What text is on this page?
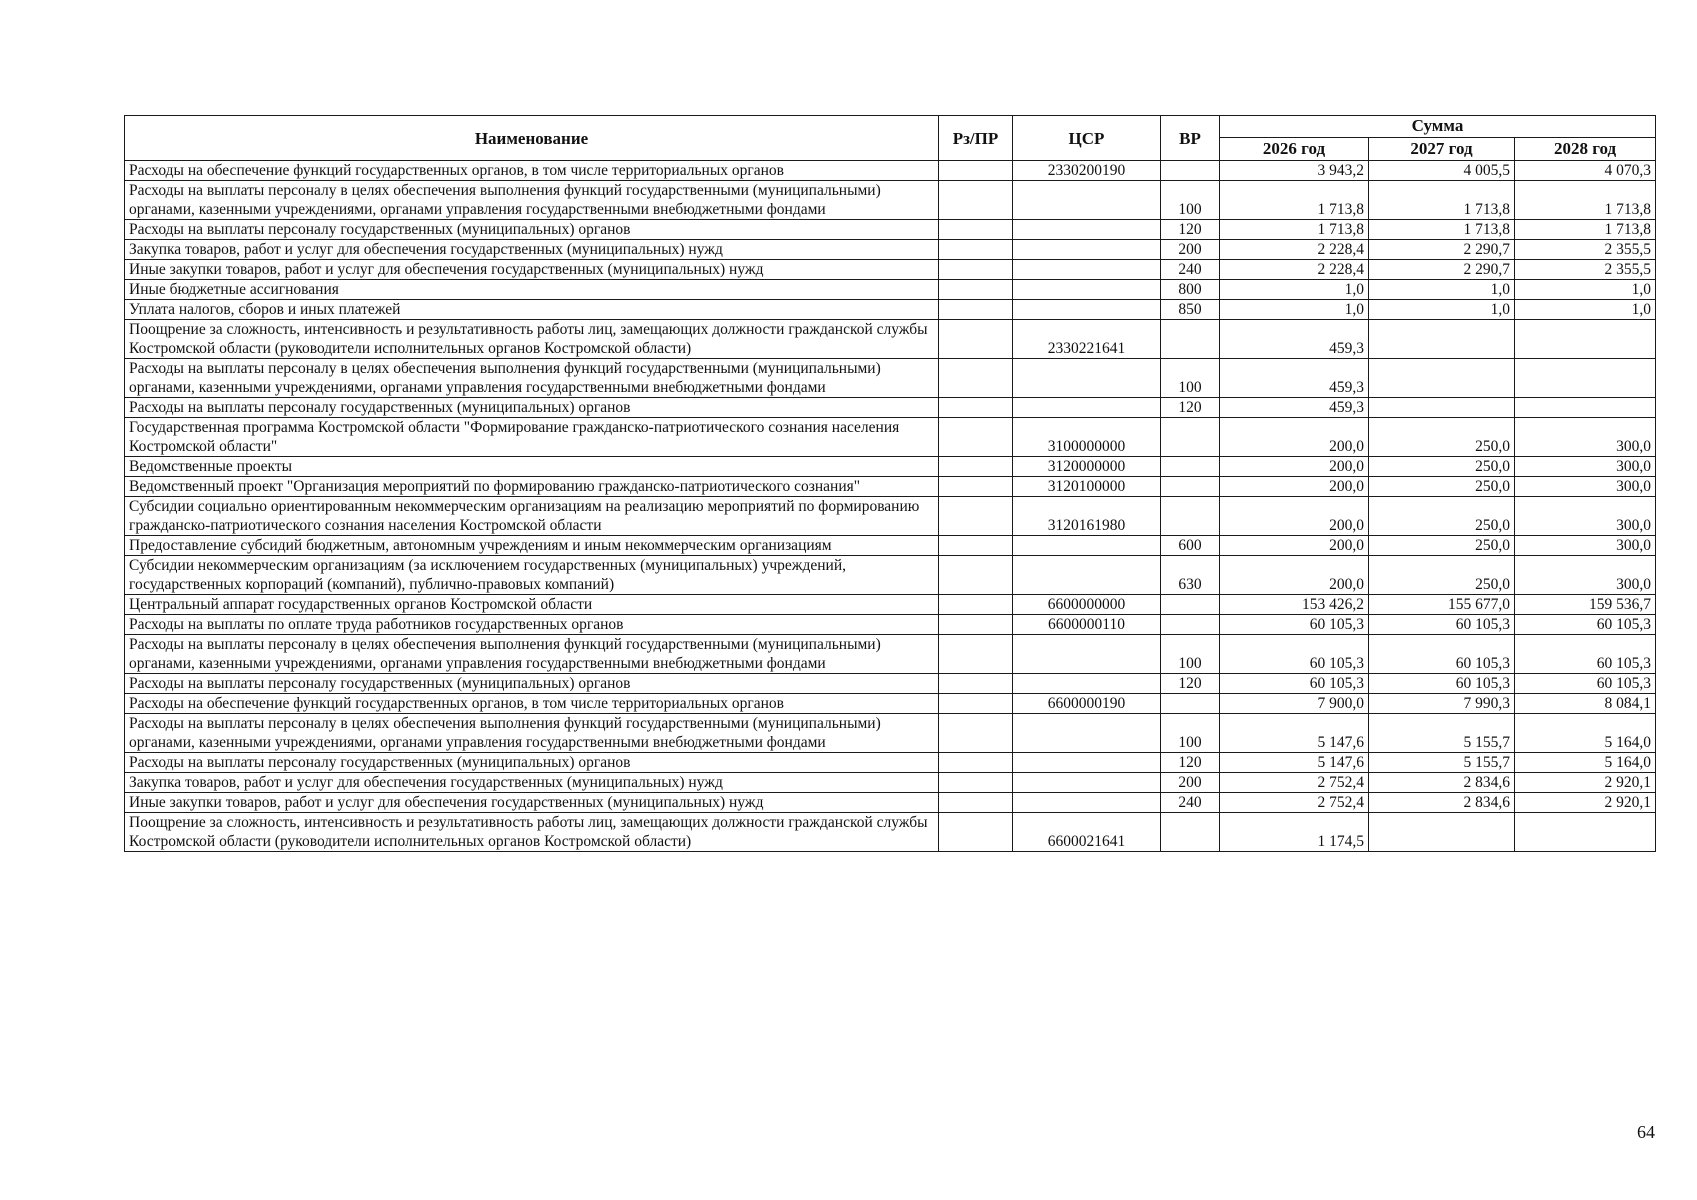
Наименование	Рз/ПР	ЦСР	ВР	Сумма		
				2026 год	2027 год	2028 год
Расходы на обеспечение функций государственных органов, в том числе территориальных органов		2330200190		3 943,2	4 005,5	4 070,3
Расходы на выплаты персоналу в целях обеспечения выполнения функций государственными (муниципальными) органами, казенными учреждениями, органами управления государственными внебюджетными фондами			100	1 713,8	1 713,8	1 713,8
Расходы на выплаты персоналу государственных (муниципальных) органов			120	1 713,8	1 713,8	1 713,8
Закупка товаров, работ и услуг для обеспечения государственных (муниципальных) нужд			200	2 228,4	2 290,7	2 355,5
Иные закупки товаров, работ и услуг для обеспечения государственных (муниципальных) нужд			240	2 228,4	2 290,7	2 355,5
Иные бюджетные ассигнования			800	1,0	1,0	1,0
Уплата налогов, сборов и иных платежей			850	1,0	1,0	1,0
Поощрение за сложность, интенсивность и результативность работы лиц, замещающих должности гражданской службы Костромской области (руководители исполнительных органов Костромской области)		2330221641		459,3		
Расходы на выплаты персоналу в целях обеспечения выполнения функций государственными (муниципальными) органами, казенными учреждениями, органами управления государственными внебюджетными фондами			100	459,3		
Расходы на выплаты персоналу государственных (муниципальных) органов			120	459,3		
Государственная программа Костромской области "Формирование гражданско-патриотического сознания населения Костромской области"		3100000000		200,0	250,0	300,0
Ведомственные проекты		3120000000		200,0	250,0	300,0
Ведомственный проект "Организация мероприятий по формированию гражданско-патриотического сознания"		3120100000		200,0	250,0	300,0
Субсидии социально ориентированным некоммерческим организациям на реализацию мероприятий по формированию гражданско-патриотического сознания населения Костромской области		3120161980		200,0	250,0	300,0
Предоставление субсидий бюджетным, автономным учреждениям и иным некоммерческим организациям			600	200,0	250,0	300,0
Субсидии некоммерческим организациям (за исключением государственных (муниципальных) учреждений, государственных корпораций (компаний), публично-правовых компаний)			630	200,0	250,0	300,0
Центральный аппарат государственных органов Костромской области		6600000000		153 426,2	155 677,0	159 536,7
Расходы на выплаты по оплате труда работников государственных органов		6600000110		60 105,3	60 105,3	60 105,3
Расходы на выплаты персоналу в целях обеспечения выполнения функций государственными (муниципальными) органами, казенными учреждениями, органами управления государственными внебюджетными фондами			100	60 105,3	60 105,3	60 105,3
Расходы на выплаты персоналу государственных (муниципальных) органов			120	60 105,3	60 105,3	60 105,3
Расходы на обеспечение функций государственных органов, в том числе территориальных органов		6600000190		7 900,0	7 990,3	8 084,1
Расходы на выплаты персоналу в целях обеспечения выполнения функций государственными (муниципальными) органами, казенными учреждениями, органами управления государственными внебюджетными фондами			100	5 147,6	5 155,7	5 164,0
Расходы на выплаты персоналу государственных (муниципальных) органов			120	5 147,6	5 155,7	5 164,0
Закупка товаров, работ и услуг для обеспечения государственных (муниципальных) нужд			200	2 752,4	2 834,6	2 920,1
Иные закупки товаров, работ и услуг для обеспечения государственных (муниципальных) нужд			240	2 752,4	2 834,6	2 920,1
Поощрение за сложность, интенсивность и результативность работы лиц, замещающих должности гражданской службы Костромской области (руководители исполнительных органов Костромской области)		6600021641		1 174,5		
64
